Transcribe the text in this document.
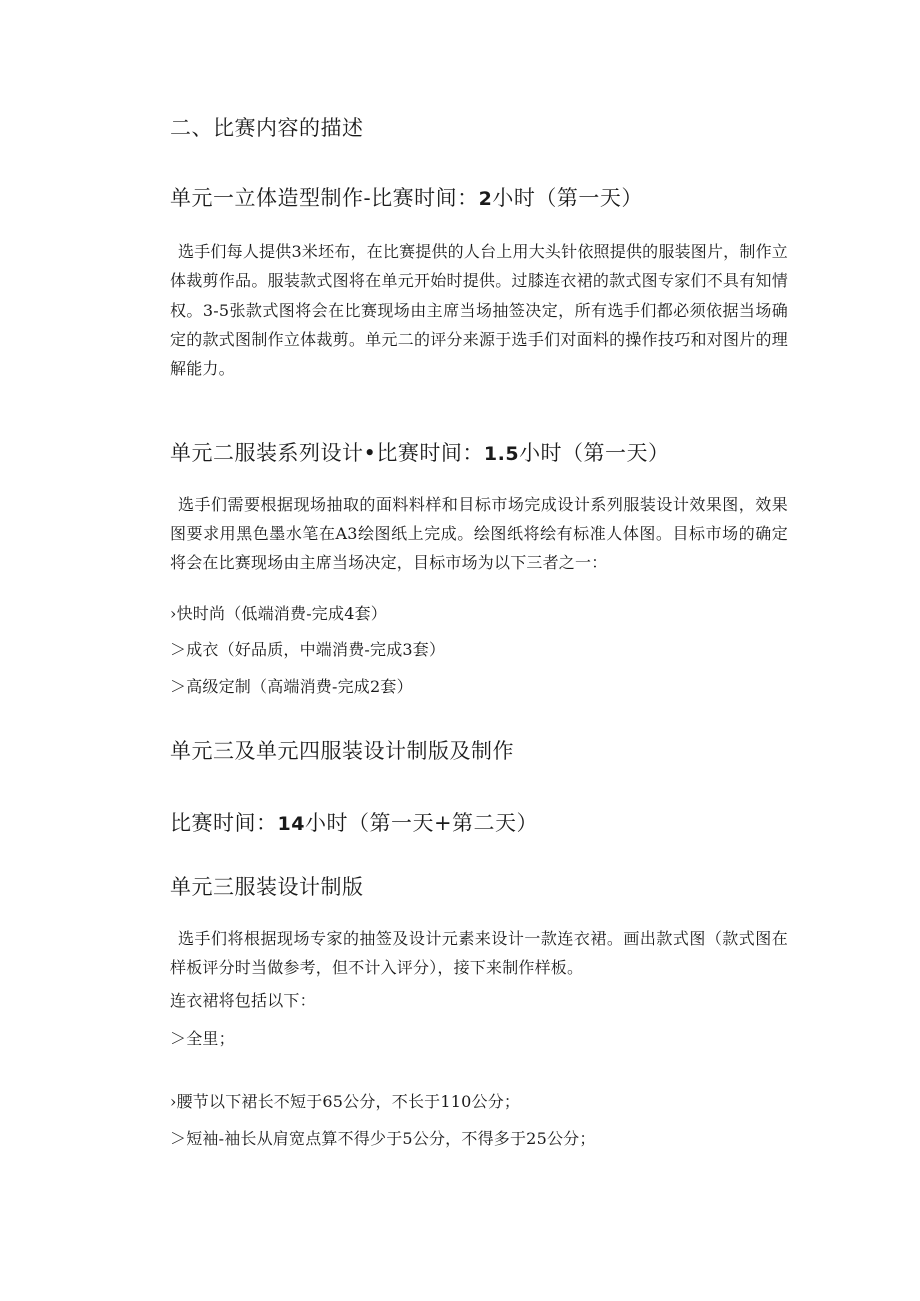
二、比赛内容的描述
单元一立体造型制作-比赛时间：2小时（第一天）
选手们每人提供3米坯布，在比赛提供的人台上用大头针依照提供的服装图片，制作立体裁剪作品。服装款式图将在单元开始时提供。过膝连衣裙的款式图专家们不具有知情权。3-5张款式图将会在比赛现场由主席当场抽签决定，所有选手们都必须依据当场确定的款式图制作立体裁剪。单元二的评分来源于选手们对面料的操作技巧和对图片的理解能力。
单元二服装系列设计•比赛时间：1.5小时（第一天）
选手们需要根据现场抽取的面料料样和目标市场完成设计系列服装设计效果图，效果图要求用黑色墨水笔在A3绘图纸上完成。绘图纸将绘有标准人体图。目标市场的确定将会在比赛现场由主席当场决定，目标市场为以下三者之一：
›快时尚（低端消费-完成4套）
＞成衣（好品质，中端消费-完成3套）
＞高级定制（高端消费-完成2套）
单元三及单元四服装设计制版及制作
比赛时间：14小时（第一天+第二天）
单元三服装设计制版
选手们将根据现场专家的抽签及设计元素来设计一款连衣裙。画出款式图（款式图在样板评分时当做参考，但不计入评分），接下来制作样板。
连衣裙将包括以下：
＞全里；
›腰节以下裙长不短于65公分，不长于110公分；
＞短袖-袖长从肩宽点算不得少于5公分，不得多于25公分；
